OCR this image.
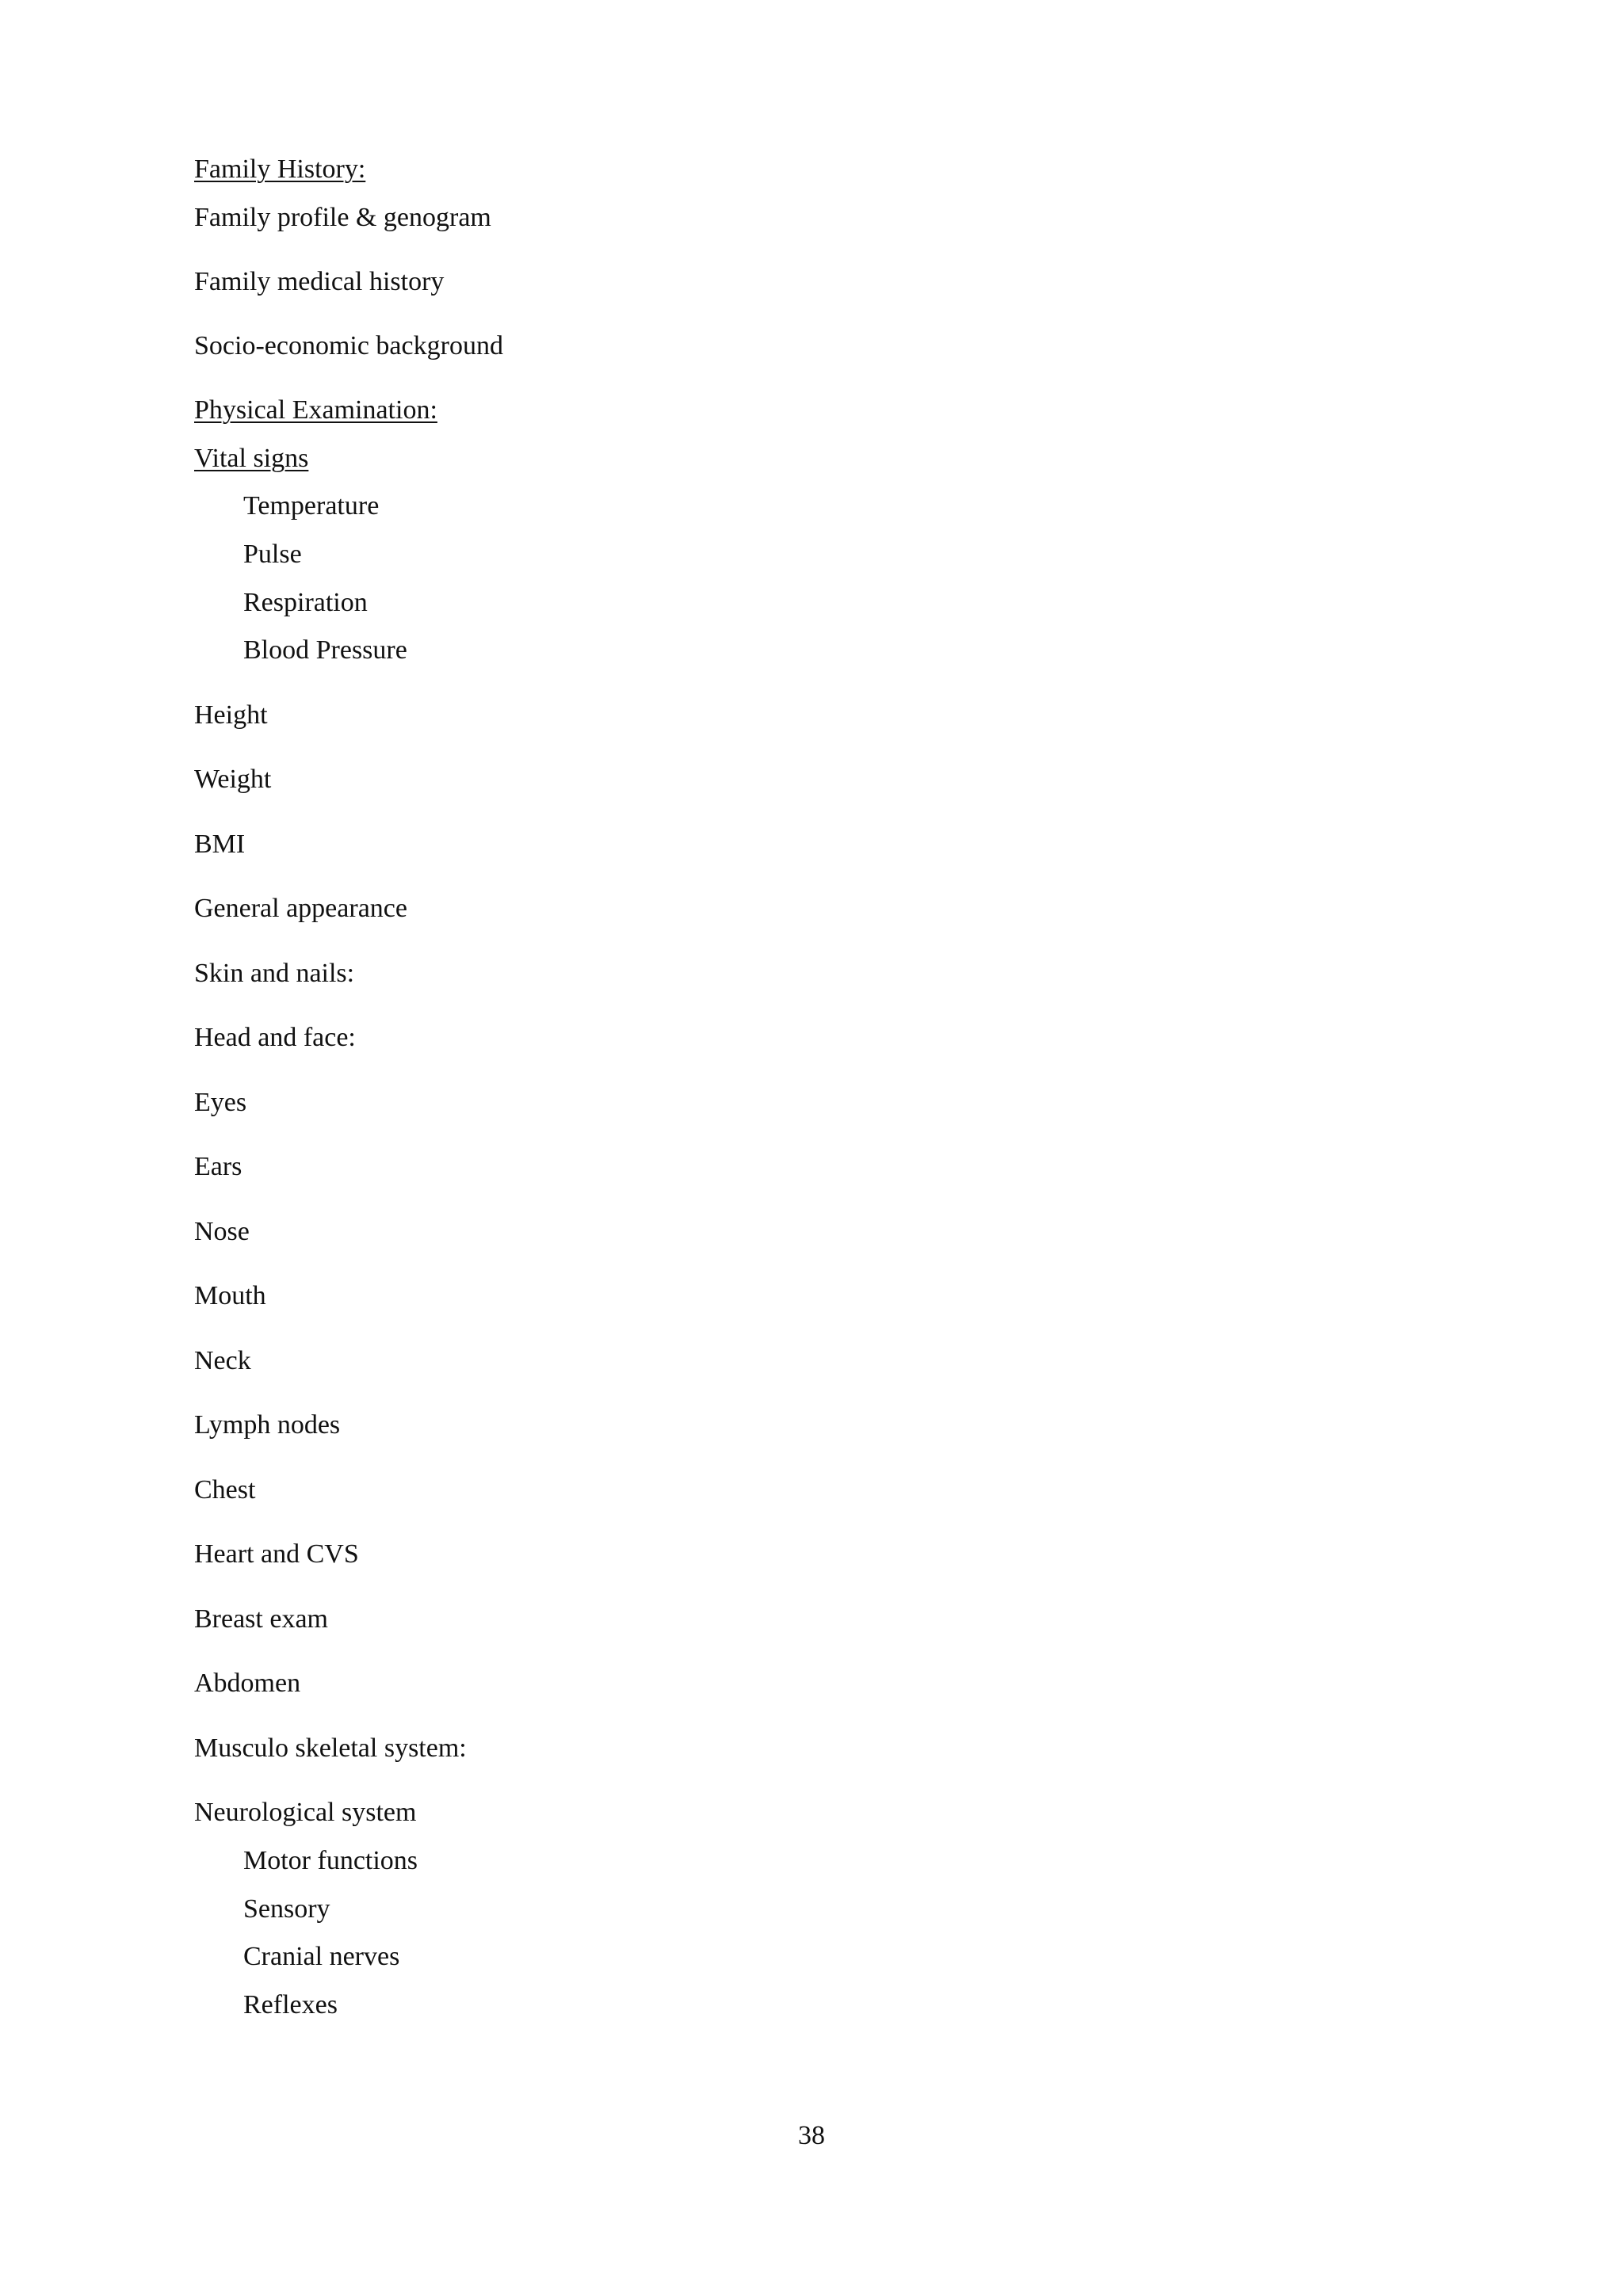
Family History:
Family profile & genogram
Family medical history
Socio-economic background
Physical Examination:
Vital signs
Temperature
Pulse
Respiration
Blood Pressure
Height
Weight
BMI
General appearance
Skin and nails:
Head and face:
Eyes
Ears
Nose
Mouth
Neck
Lymph nodes
Chest
Heart and CVS
Breast exam
Abdomen
Musculo skeletal system:
Neurological system
Motor functions
Sensory
Cranial nerves
Reflexes
38
